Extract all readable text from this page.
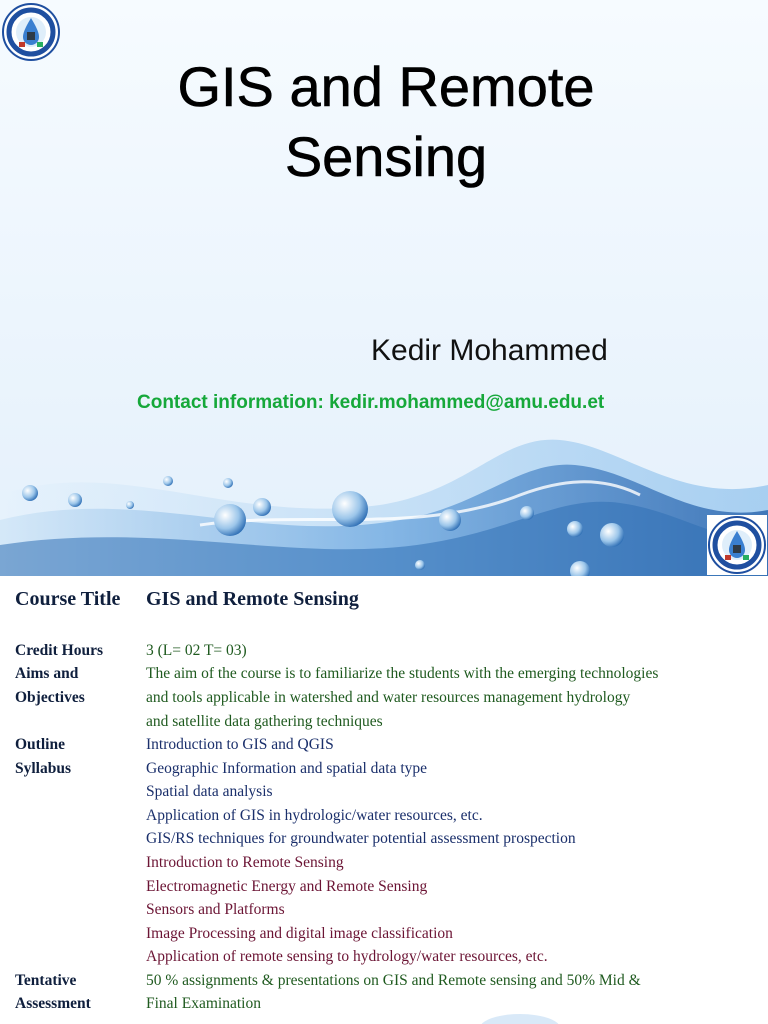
GIS and Remote
Sensing
Kedir Mohammed
Contact information: kedir.mohammed@amu.edu.et
Course Title GIS and Remote Sensing
Credit Hours	3 (L= 02 T= 03)
Aims and
Objectives
The aim of the course is to familiarize the students with the emerging technologies
and tools applicable in watershed and water resources management hydrology
and satellite data gathering techniques
Outline
Syllabus
Introduction to GIS and QGIS
Geographic Information and spatial data type
Spatial data analysis
Application of GIS in hydrologic/water resources, etc.
GIS/RS techniques for groundwater potential assessment prospection
Introduction to Remote Sensing
Electromagnetic Energy and Remote Sensing
Sensors and Platforms
Image Processing and digital image classification
Application of remote sensing to hydrology/water resources, etc.
Tentative
Assessment
50 % assignments & presentations on GIS and Remote sensing and 50% Mid &
Final Examination
